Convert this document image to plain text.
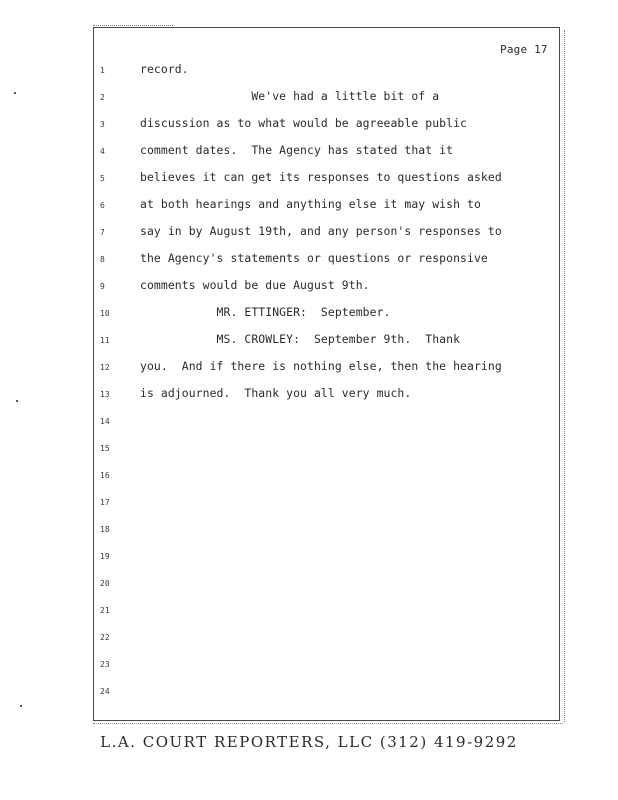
Page 17
1	record.
2	We've had a little bit of a
3	discussion as to what would be agreeable public
4	comment dates.  The Agency has stated that it
5	believes it can get its responses to questions asked
6	at both hearings and anything else it may wish to
7	say in by August 19th, and any person's responses to
8	the Agency's statements or questions or responsive
9	comments would be due August 9th.
10	MR. ETTINGER:  September.
11	MS. CROWLEY:  September 9th.  Thank
12	you.  And if there is nothing else, then the hearing
13	is adjourned.  Thank you all very much.
14
15
16
17
18
19
20
21
22
23
24
L.A. COURT REPORTERS, LLC (312) 419-9292
